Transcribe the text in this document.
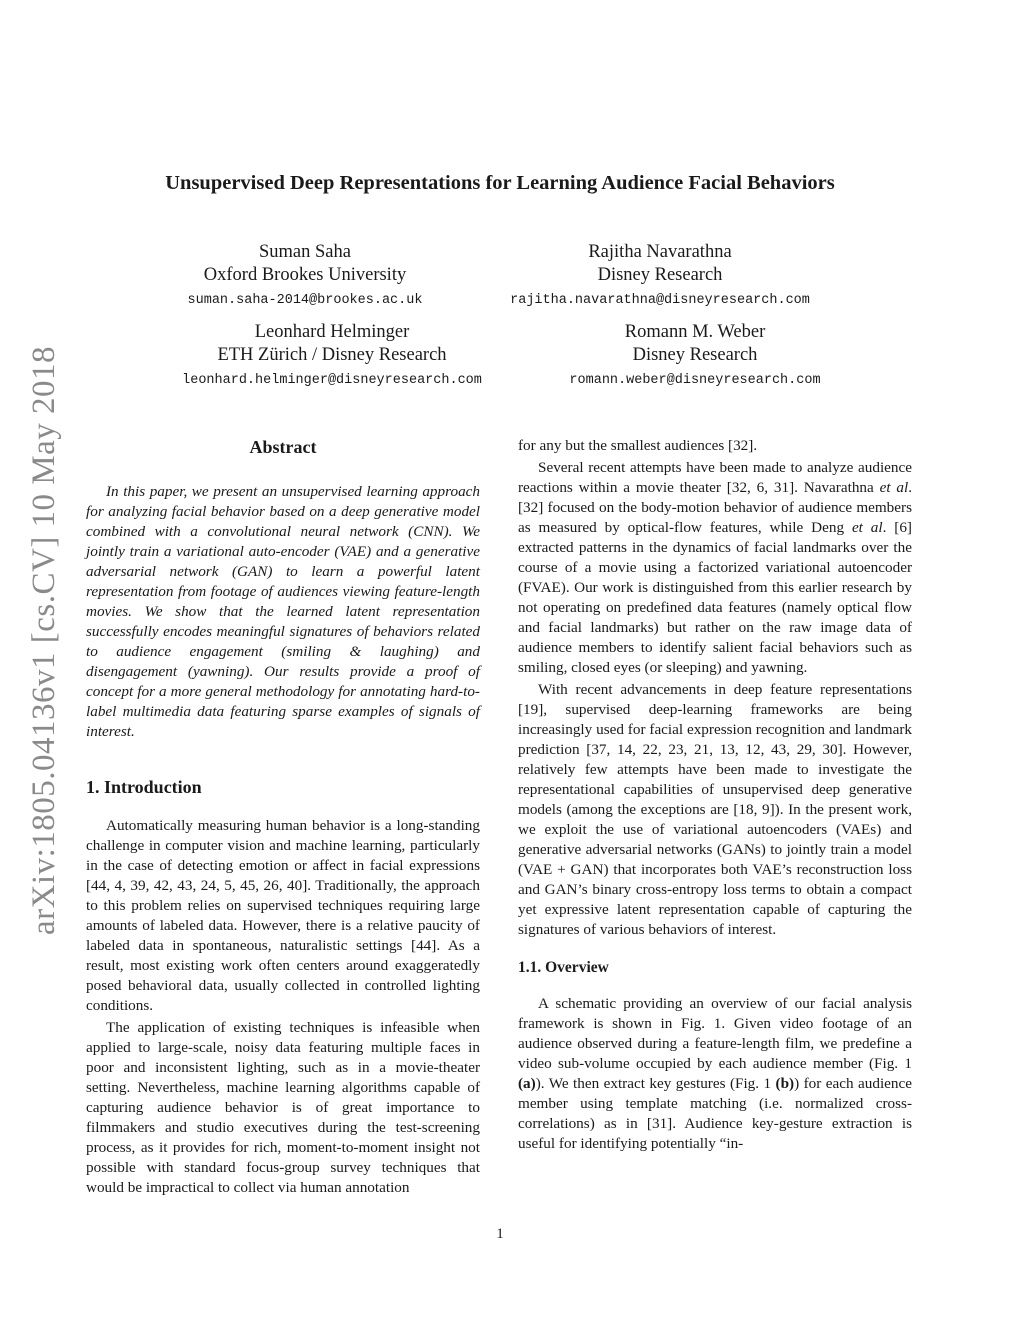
arXiv:1805.04136v1 [cs.CV] 10 May 2018
Unsupervised Deep Representations for Learning Audience Facial Behaviors
Suman Saha
Oxford Brookes University
suman.saha-2014@brookes.ac.uk
Rajitha Navarathna
Disney Research
rajitha.navarathna@disneyresearch.com
Leonhard Helminger
ETH Zürich / Disney Research
leonhard.helminger@disneyresearch.com
Romann M. Weber
Disney Research
romann.weber@disneyresearch.com
Abstract

In this paper, we present an unsupervised learning approach for analyzing facial behavior based on a deep generative model combined with a convolutional neural network (CNN). We jointly train a variational auto-encoder (VAE) and a generative adversarial network (GAN) to learn a powerful latent representation from footage of audiences viewing feature-length movies. We show that the learned latent representation successfully encodes meaningful signatures of behaviors related to audience engagement (smiling & laughing) and disengagement (yawning). Our results provide a proof of concept for a more general methodology for annotating hard-to-label multimedia data featuring sparse examples of signals of interest.

1. Introduction

Automatically measuring human behavior is a long-standing challenge in computer vision and machine learning, particularly in the case of detecting emotion or affect in facial expressions [44, 4, 39, 42, 43, 24, 5, 45, 26, 40]. Traditionally, the approach to this problem relies on supervised techniques requiring large amounts of labeled data. However, there is a relative paucity of labeled data in spontaneous, naturalistic settings [44]. As a result, most existing work often centers around exaggeratedly posed behavioral data, usually collected in controlled lighting conditions.

The application of existing techniques is infeasible when applied to large-scale, noisy data featuring multiple faces in poor and inconsistent lighting, such as in a movie-theater setting. Nevertheless, machine learning algorithms capable of capturing audience behavior is of great importance to filmmakers and studio executives during the test-screening process, as it provides for rich, moment-to-moment insight not possible with standard focus-group survey techniques that would be impractical to collect via human annotation

for any but the smallest audiences [32].

Several recent attempts have been made to analyze audience reactions within a movie theater [32, 6, 31]. Navarathna et al. [32] focused on the body-motion behavior of audience members as measured by optical-flow features, while Deng et al. [6] extracted patterns in the dynamics of facial landmarks over the course of a movie using a factorized variational autoencoder (FVAE). Our work is distinguished from this earlier research by not operating on predefined data features (namely optical flow and facial landmarks) but rather on the raw image data of audience members to identify salient facial behaviors such as smiling, closed eyes (or sleeping) and yawning.

With recent advancements in deep feature representations [19], supervised deep-learning frameworks are being increasingly used for facial expression recognition and landmark prediction [37, 14, 22, 23, 21, 13, 12, 43, 29, 30]. However, relatively few attempts have been made to investigate the representational capabilities of unsupervised deep generative models (among the exceptions are [18, 9]). In the present work, we exploit the use of variational autoencoders (VAEs) and generative adversarial networks (GANs) to jointly train a model (VAE + GAN) that incorporates both VAE’s reconstruction loss and GAN’s binary cross-entropy loss terms to obtain a compact yet expressive latent representation capable of capturing the signatures of various behaviors of interest.

1.1. Overview

A schematic providing an overview of our facial analysis framework is shown in Fig. 1. Given video footage of an audience observed during a feature-length film, we predefine a video sub-volume occupied by each audience member (Fig. 1 (a)). We then extract key gestures (Fig. 1 (b)) for each audience member using template matching (i.e. normalized cross-correlations) as in [31]. Audience key-gesture extraction is useful for identifying potentially “in-

1
